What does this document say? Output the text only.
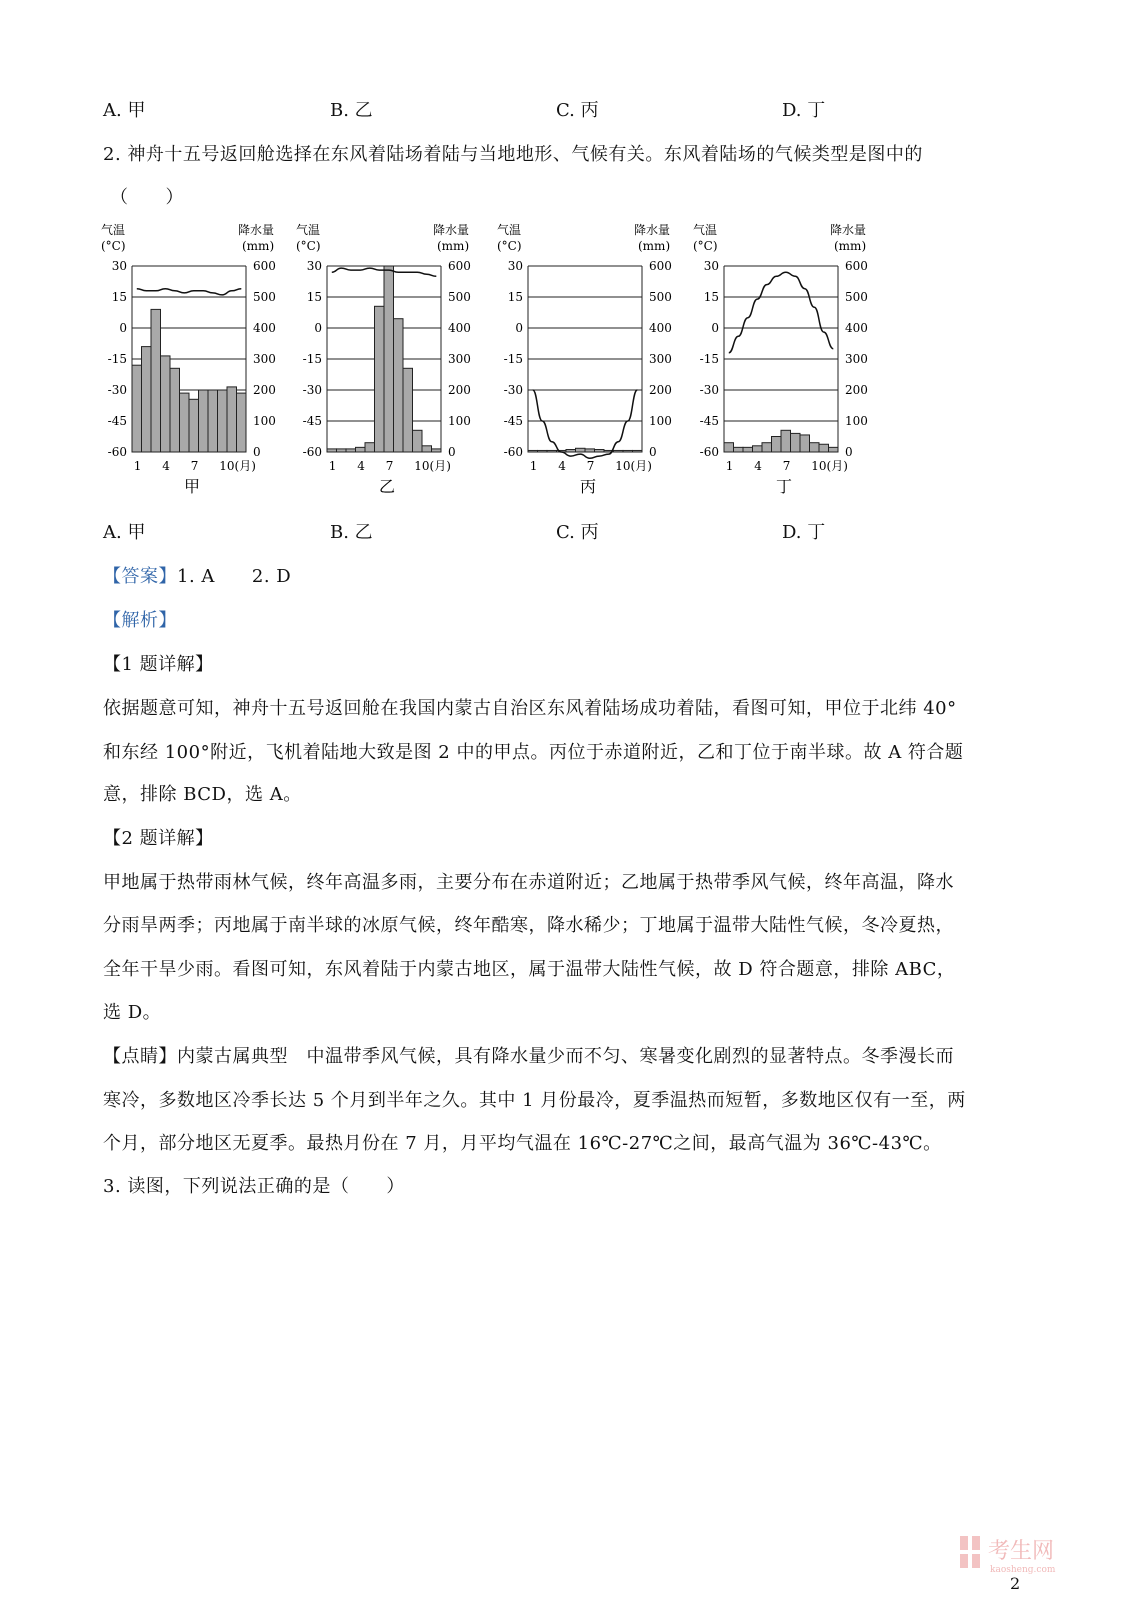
A. 甲	B. 乙	C. 丙	D. 丁
2. 神舟十五号返回舱选择在东风着陆场着陆与当地地形、气候有关。东风着陆场的气候类型是图中的
（　　）
气温
(°C)
降水量
(mm)
30	600
15	500
0	400
-15	300
-30	200
-45	100
-60	0
1 4 7 10(月)
甲
气温
(°C)
降水量
(mm)
30	600
15	500
0	400
-15	300
-30	200
-45	100
-60	0
1 4 7 10(月)
乙
气温
(°C)
降水量
(mm)
30	600
15	500
0	400
-15	300
-30	200
-45	100
-60	0
1 4 7 10(月)
丙
气温
(°C)
降水量
(mm)
30	600
15	500
0	400
-15	300
-30	200
-45	100
-60	0
1 4 7 10(月)
丁
A. 甲	B. 乙	C. 丙	D. 丁
【答案】1. A　　2. D
【解析】
【1 题详解】
依据题意可知，神舟十五号返回舱在我国内蒙古自治区东风着陆场成功着陆，看图可知，甲位于北纬 40°
和东经 100°附近，飞机着陆地大致是图 2 中的甲点。丙位于赤道附近，乙和丁位于南半球。故 A 符合题
意，排除 BCD，选 A。
【2 题详解】
甲地属于热带雨林气候，终年高温多雨，主要分布在赤道附近；乙地属于热带季风气候，终年高温，降水
分雨旱两季；丙地属于南半球的冰原气候，终年酷寒，降水稀少；丁地属于温带大陆性气候，冬冷夏热，
全年干旱少雨。看图可知，东风着陆于内蒙古地区，属于温带大陆性气候，故 D 符合题意，排除 ABC，
选 D。
【点睛】内蒙古属典型　中温带季风气候，具有降水量少而不匀、寒暑变化剧烈的显著特点。冬季漫长而
寒冷，多数地区冷季长达 5 个月到半年之久。其中 1 月份最冷，夏季温热而短暂，多数地区仅有一至，两
个月，部分地区无夏季。最热月份在 7 月，月平均气温在 16℃-27℃之间，最高气温为 36℃-43℃。
3. 读图，下列说法正确的是（　　）
考生网
kaosheng.com
2
